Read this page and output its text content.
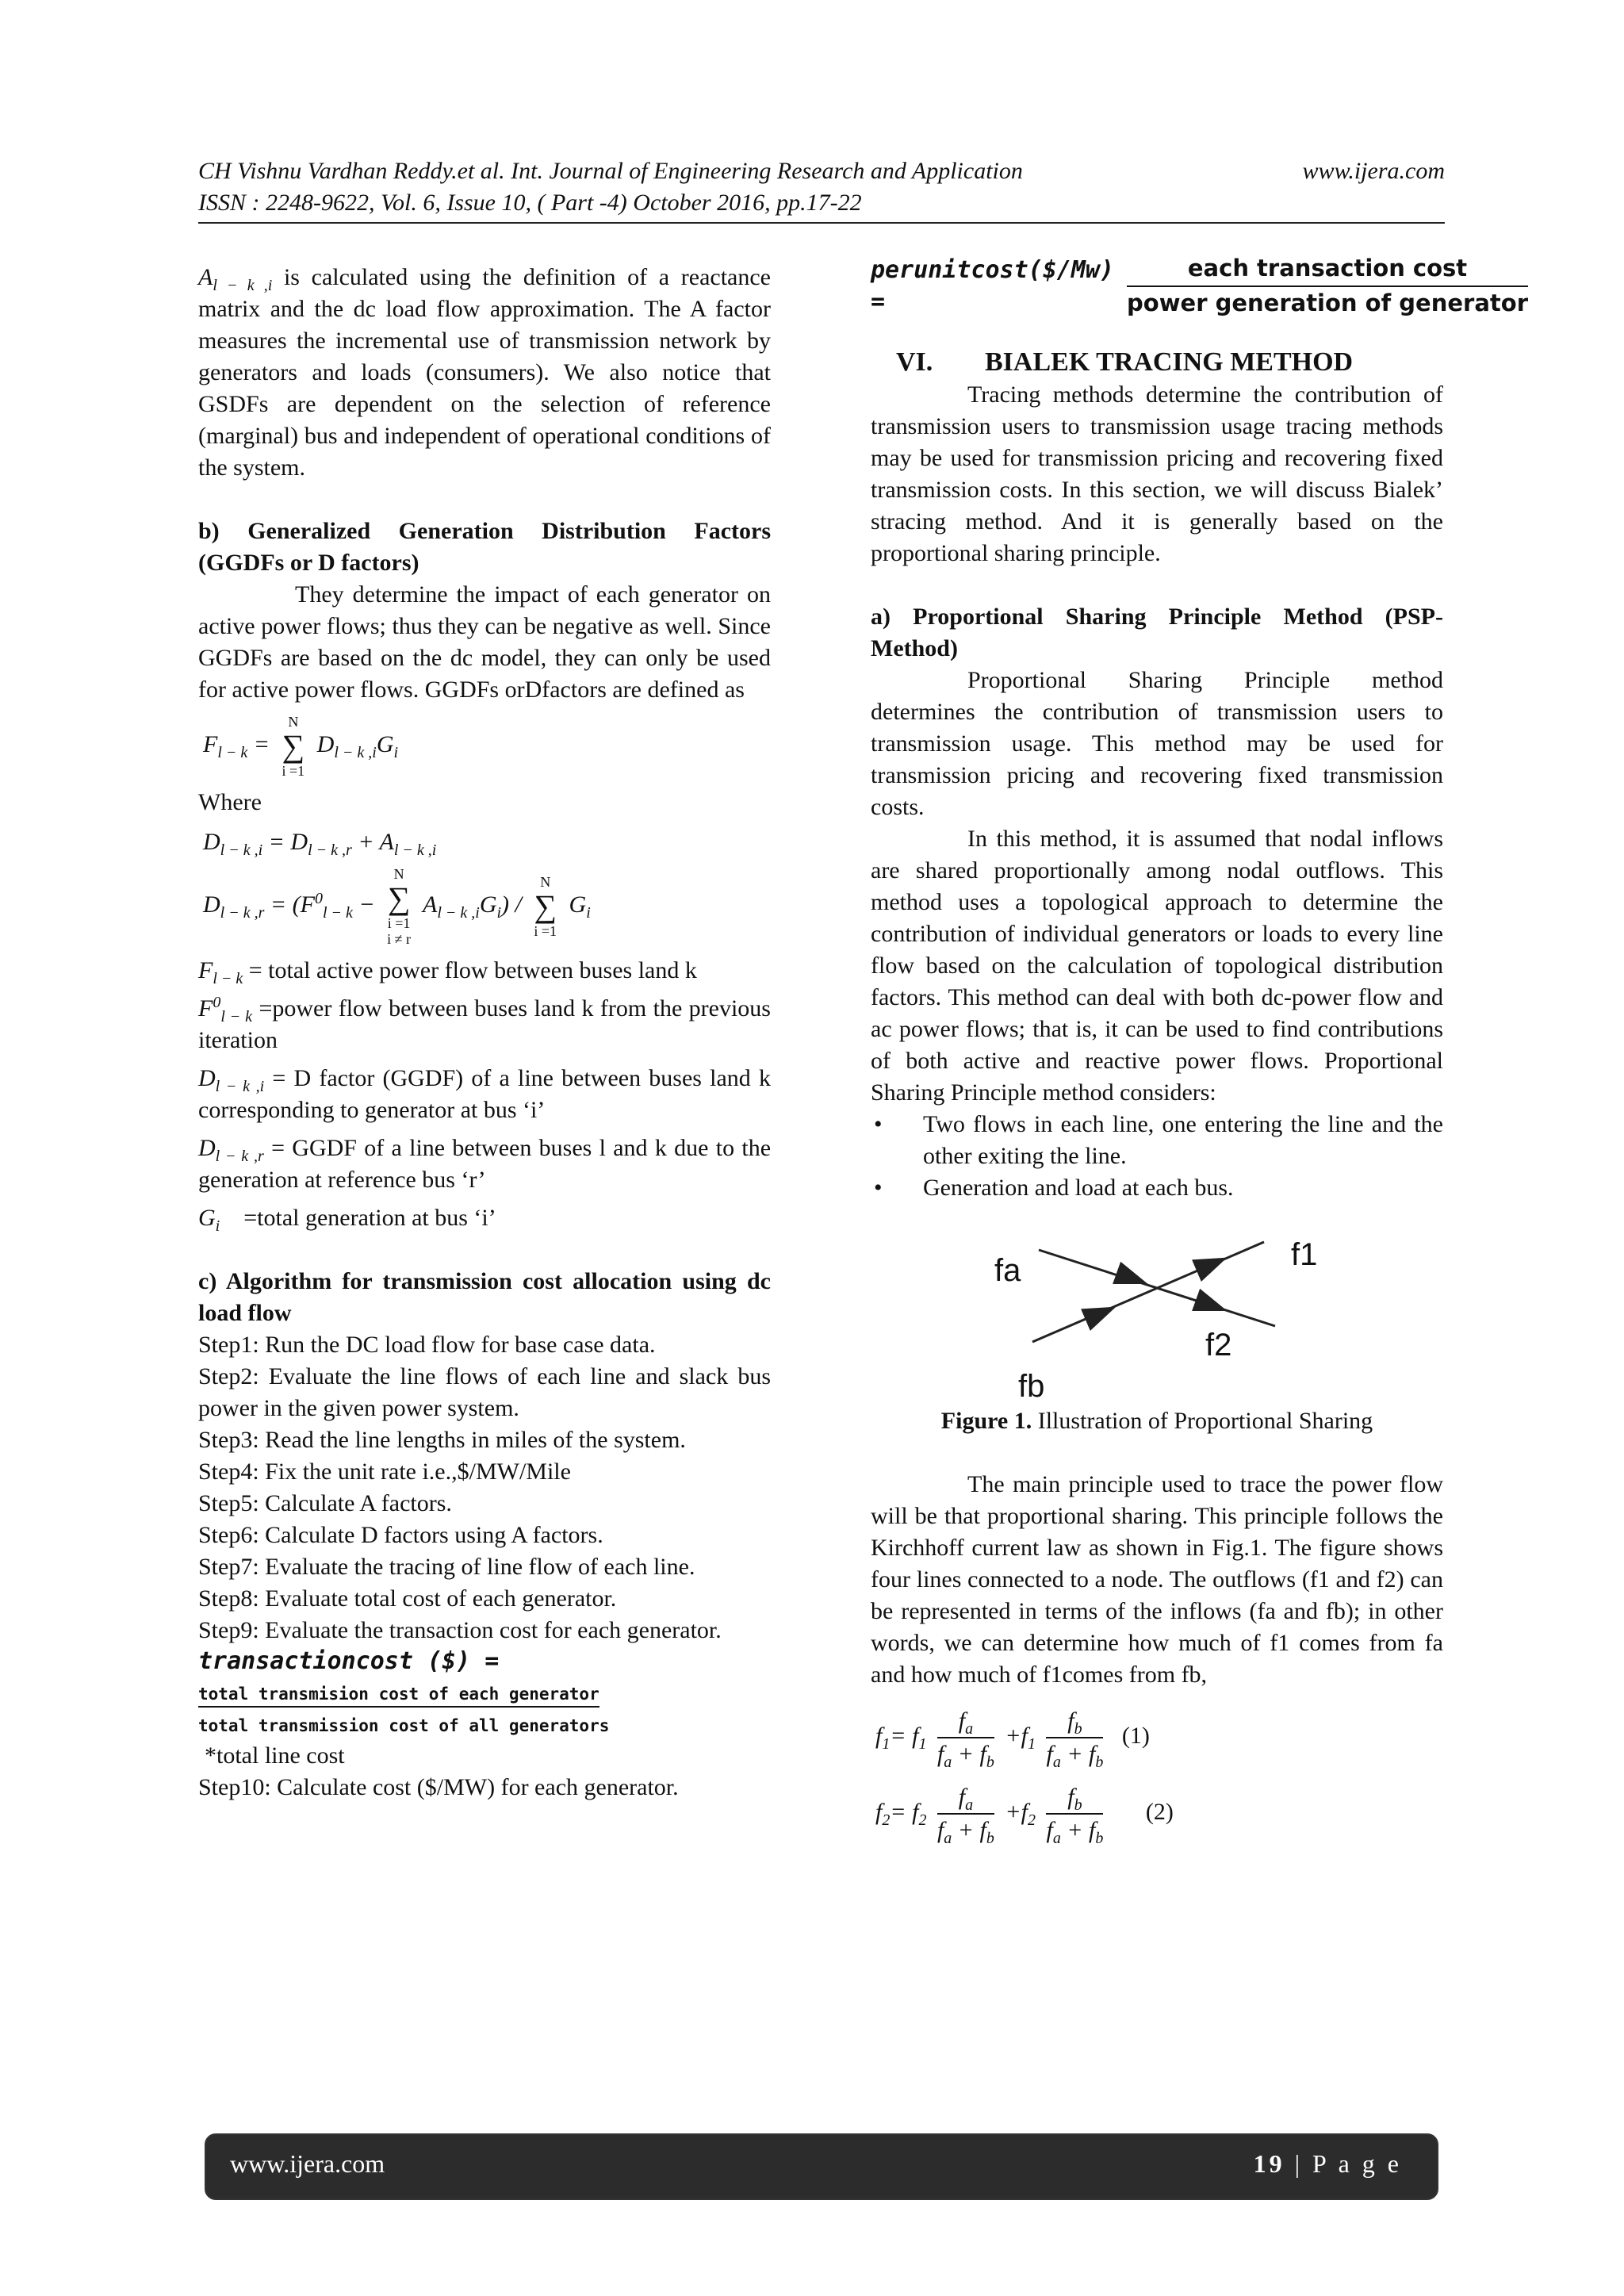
CH Vishnu Vardhan Reddy.et al. Int. Journal of Engineering Research and Application	www.ijera.com
ISSN : 2248-9622, Vol. 6, Issue 10, ( Part -4) October 2016, pp.17-22

$A_{l - k ,i}$ is calculated using the definition of a reactance matrix and the dc load flow approximation. The A factor measures the incremental use of transmission network by generators and loads (consumers). We also notice that GSDFs are dependent on the selection of reference (marginal) bus and independent of operational conditions of the system.

b) Generalized Generation Distribution Factors (GGDFs or D factors)

They determine the impact of each generator on active power flows; thus they can be negative as well. Since GGDFs are based on the dc model, they can only be used for active power flows. GGDFs orDfactors are defined as

$F_{l - k} = N$
∑
i =1 $D_{l - k ,i}G_i$

Where

$D_{l - k ,i} = D_{l - k ,r} + A_{l - k ,i}$
$D_{l - k ,r} = (F^0_{l - k} - N$
∑
i =1
i ≠ r $A_{l - k ,i}G_i$) / N
∑
i =1 $G_i$

$F_{l - k}$ = total active power flow between buses land k

$F^0_{l - k}$ =power flow between buses land k from the previous iteration

$D_{l - k ,i} = D$ factor (GGDF) of a line between buses land k corresponding to generator at bus ‘i’

$D_{l - k ,r}$ = GGDF of a line between buses l and k due to the generation at reference bus ‘r’

$G_i$ =total generation at bus ‘i’

c) Algorithm for transmission cost allocation using dc load flow

Step1: Run the DC load flow for base case data.

Step2: Evaluate the line flows of each line and slack bus power in the given power system.

Step3: Read the line lengths in miles of the system.

Step4: Fix the unit rate i.e.,$/MW/Mile

Step5: Calculate A factors.

Step6: Calculate D factors using A factors.

Step7: Evaluate the tracing of line flow of each line.

Step8: Evaluate total cost of each generator.

Step9: Evaluate the transaction cost for each generator.

transactioncost ($) =
total transmision cost of each generator
total transmission cost of all generators

*total line cost

Step10: Calculate cost ($/MW) for each generator.

perunitcost($/Mw) =
each transaction cost
power generation of generator
VI. BIALEK TRACING METHOD

Tracing methods determine the contribution of transmission users to transmission usage tracing methods may be used for transmission pricing and recovering fixed transmission costs. In this section, we will discuss Bialek’ stracing method. And it is generally based on the proportional sharing principle.

a) Proportional Sharing Principle Method (PSP-Method)

Proportional Sharing Principle method determines the contribution of transmission users to transmission usage. This method may be used for transmission pricing and recovering fixed transmission costs.

In this method, it is assumed that nodal inflows are shared proportionally among nodal outflows. This method uses a topological approach to determine the contribution of individual generators or loads to every line flow based on the calculation of topological distribution factors. This method can deal with both dc-power flow and ac power flows; that is, it can be used to find contributions of both active and reactive power flows. Proportional Sharing Principle method considers:

•	Two flows in each line, one entering the line and the other exiting the line.
•	Generation and load at each bus.
fa	f1
fb
f2

Figure 1. Illustration of Proportional Sharing

The main principle used to trace the power flow will be that proportional sharing. This principle follows the Kirchhoff current law as shown in Fig.1. The figure shows four lines connected to a node. The outflows (f1 and f2) can be represented in terms of the inflows (fa and fb); in other words, we can determine how much of f1 comes from fa and how much of f1comes from fb,

$f_1= f_1 \frac{f_a}{f_a + f_b} +f_1 \frac{f_b}{f_a + f_b} (1)$
$f_2= f_2 \frac{f_a}{f_a + f_b} +f_2 \frac{f_b}{f_a + f_b} (2)$
www.ijera.com	19 | P a g e
